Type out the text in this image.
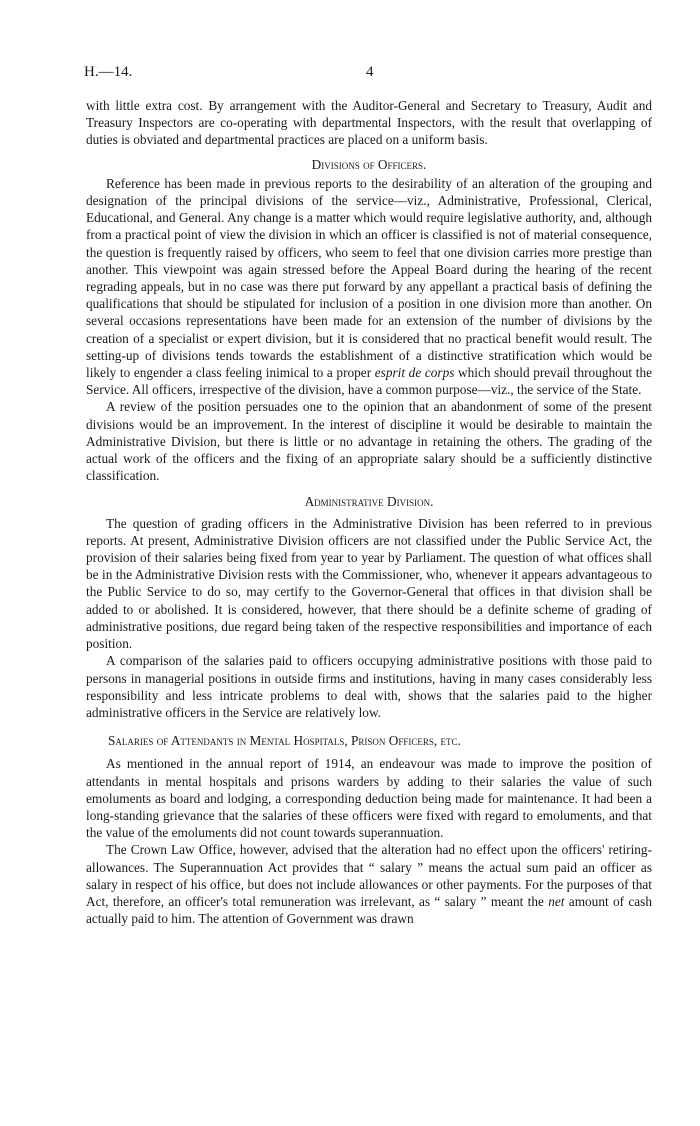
H.—14.	4

with little extra cost. By arrangement with the Auditor-General and Secretary to Treasury, Audit and Treasury Inspectors are co-operating with departmental Inspectors, with the result that overlapping of duties is obviated and departmental practices are placed on a uniform basis.

Divisions of Officers.

Reference has been made in previous reports to the desirability of an alteration of the grouping and designation of the principal divisions of the service—viz., Administrative, Professional, Clerical, Educational, and General. Any change is a matter which would require legislative authority, and, although from a practical point of view the division in which an officer is classified is not of material consequence, the question is frequently raised by officers, who seem to feel that one division carries more prestige than another. This viewpoint was again stressed before the Appeal Board during the hearing of the recent regrading appeals, but in no case was there put forward by any appellant a practical basis of defining the qualifications that should be stipulated for inclusion of a position in one division more than another. On several occasions representations have been made for an extension of the number of divisions by the creation of a specialist or expert division, but it is considered that no practical benefit would result. The setting-up of divisions tends towards the establishment of a distinctive stratification which would be likely to engender a class feeling inimical to a proper esprit de corps which should prevail throughout the Service. All officers, irrespective of the division, have a common purpose—viz., the service of the State.

A review of the position persuades one to the opinion that an abandonment of some of the present divisions would be an improvement. In the interest of discipline it would be desirable to maintain the Administrative Division, but there is little or no advantage in retaining the others. The grading of the actual work of the officers and the fixing of an appropriate salary should be a sufficiently distinctive classification.

Administrative Division.

The question of grading officers in the Administrative Division has been referred to in previous reports. At present, Administrative Division officers are not classified under the Public Service Act, the provision of their salaries being fixed from year to year by Parliament. The question of what offices shall be in the Administrative Division rests with the Commissioner, who, whenever it appears advantageous to the Public Service to do so, may certify to the Governor-General that offices in that division shall be added to or abolished. It is considered, however, that there should be a definite scheme of grading of administrative positions, due regard being taken of the respective responsibilities and importance of each position.

A comparison of the salaries paid to officers occupying administrative positions with those paid to persons in managerial positions in outside firms and institutions, having in many cases considerably less responsibility and less intricate problems to deal with, shows that the salaries paid to the higher administrative officers in the Service are relatively low.

Salaries of Attendants in Mental Hospitals, Prison Officers, etc.

As mentioned in the annual report of 1914, an endeavour was made to improve the position of attendants in mental hospitals and prisons warders by adding to their salaries the value of such emoluments as board and lodging, a corresponding deduction being made for maintenance. It had been a long-standing grievance that the salaries of these officers were fixed with regard to emoluments, and that the value of the emoluments did not count towards superannuation.

The Crown Law Office, however, advised that the alteration had no effect upon the officers' retiring-allowances. The Superannuation Act provides that “ salary ” means the actual sum paid an officer as salary in respect of his office, but does not include allowances or other payments. For the purposes of that Act, therefore, an officer's total remuneration was irrelevant, as “ salary ” meant the net amount of cash actually paid to him. The attention of Government was drawn
